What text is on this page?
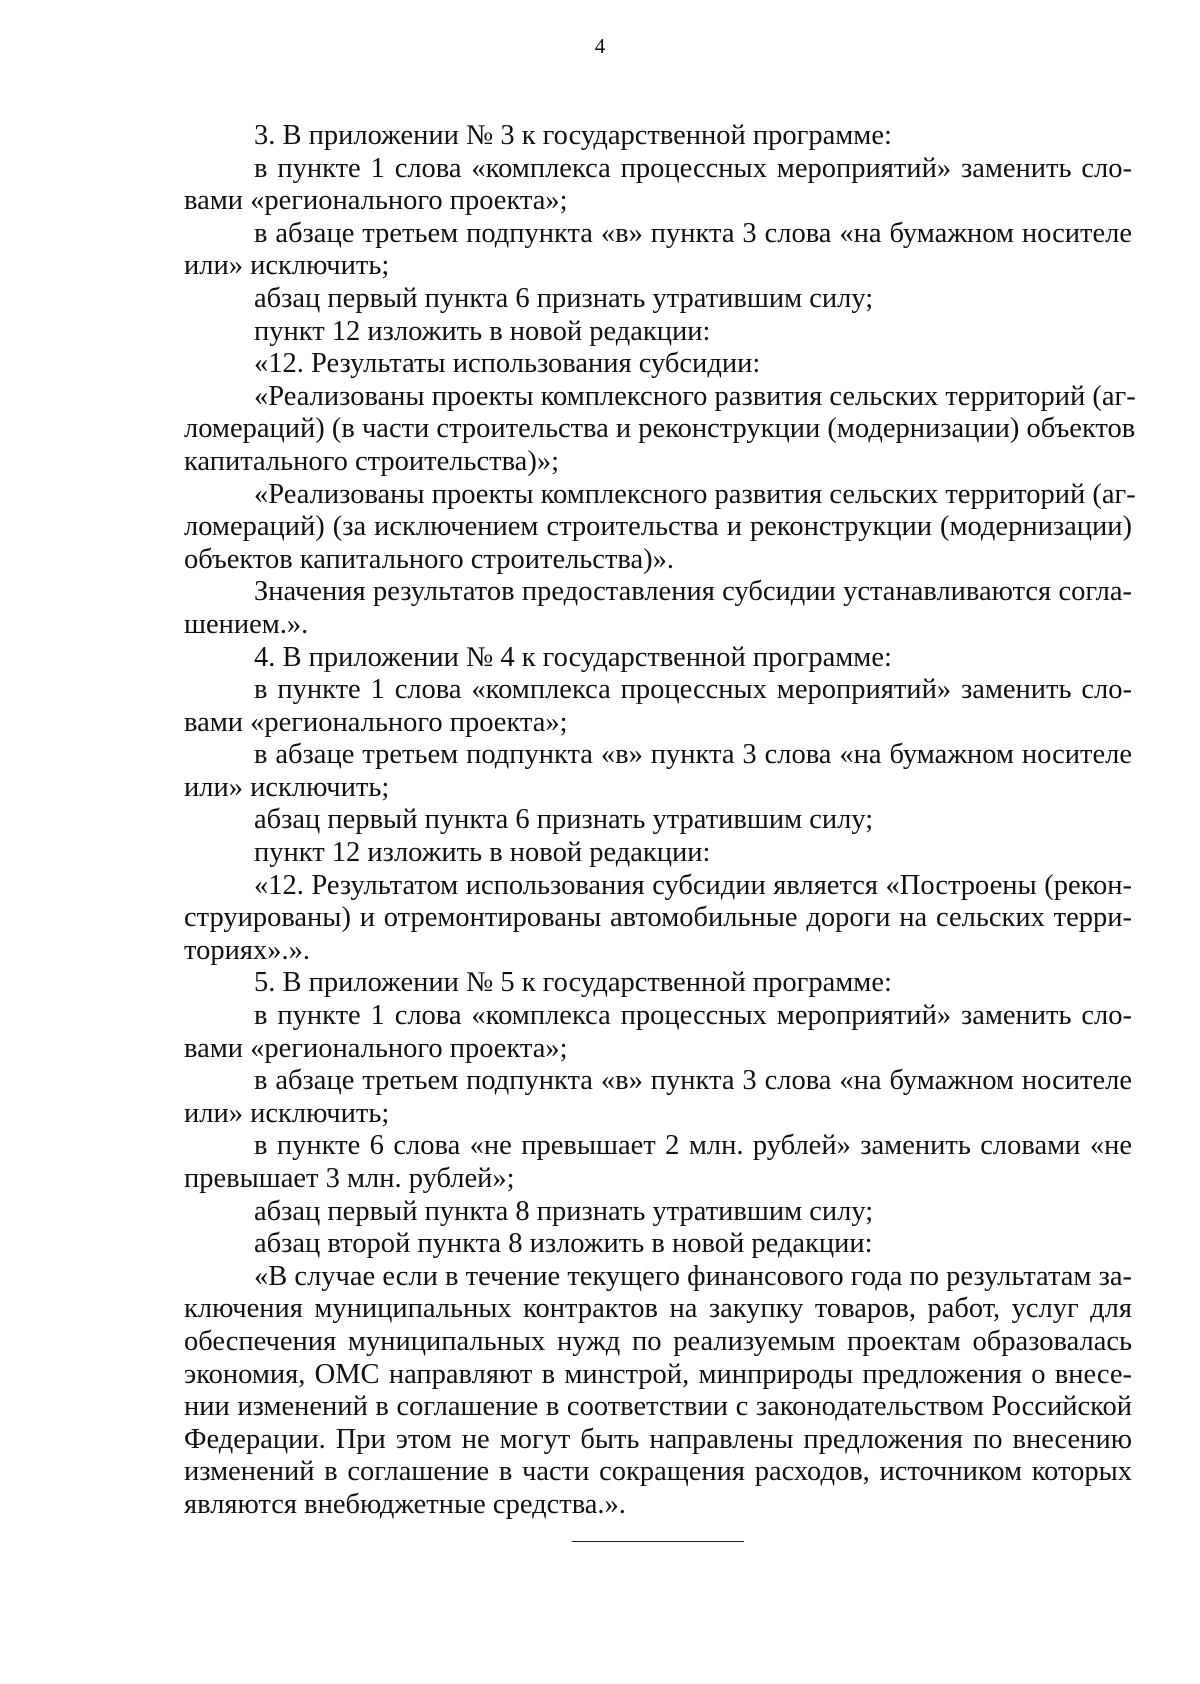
4
3. В приложении № 3 к государственной программе:
в пункте 1 слова «комплекса процессных мероприятий» заменить сло-
вами «регионального проекта»;
в абзаце третьем подпункта «в» пункта 3 слова «на бумажном носителе
или» исключить;
абзац первый пункта 6 признать утратившим силу;
пункт 12 изложить в новой редакции:
«12. Результаты использования субсидии:
«Реализованы проекты комплексного развития сельских территорий (аг-
ломераций) (в части строительства и реконструкции (модернизации) объектов
капитального строительства)»;
«Реализованы проекты комплексного развития сельских территорий (аг-
ломераций) (за исключением строительства и реконструкции (модернизации)
объектов капитального строительства)».
Значения результатов предоставления субсидии устанавливаются согла-
шением.».
4. В приложении № 4 к государственной программе:
в пункте 1 слова «комплекса процессных мероприятий» заменить сло-
вами «регионального проекта»;
в абзаце третьем подпункта «в» пункта 3 слова «на бумажном носителе
или» исключить;
абзац первый пункта 6 признать утратившим силу;
пункт 12 изложить в новой редакции:
«12. Результатом использования субсидии является «Построены (рекон-
струированы) и отремонтированы автомобильные дороги на сельских терри-
ториях».».
5. В приложении № 5 к государственной программе:
в пункте 1 слова «комплекса процессных мероприятий» заменить сло-
вами «регионального проекта»;
в абзаце третьем подпункта «в» пункта 3 слова «на бумажном носителе
или» исключить;
в пункте 6 слова «не превышает 2 млн. рублей» заменить словами «не
превышает 3 млн. рублей»;
абзац первый пункта 8 признать утратившим силу;
абзац второй пункта 8 изложить в новой редакции:
«В случае если в течение текущего финансового года по результатам за-
ключения муниципальных контрактов на закупку товаров, работ, услуг для
обеспечения муниципальных нужд по реализуемым проектам образовалась
экономия, ОМС направляют в минстрой, минприроды предложения о внесе-
нии изменений в соглашение в соответствии с законодательством Российской
Федерации. При этом не могут быть направлены предложения по внесению
изменений в соглашение в части сокращения расходов, источником которых
являются внебюджетные средства.».
